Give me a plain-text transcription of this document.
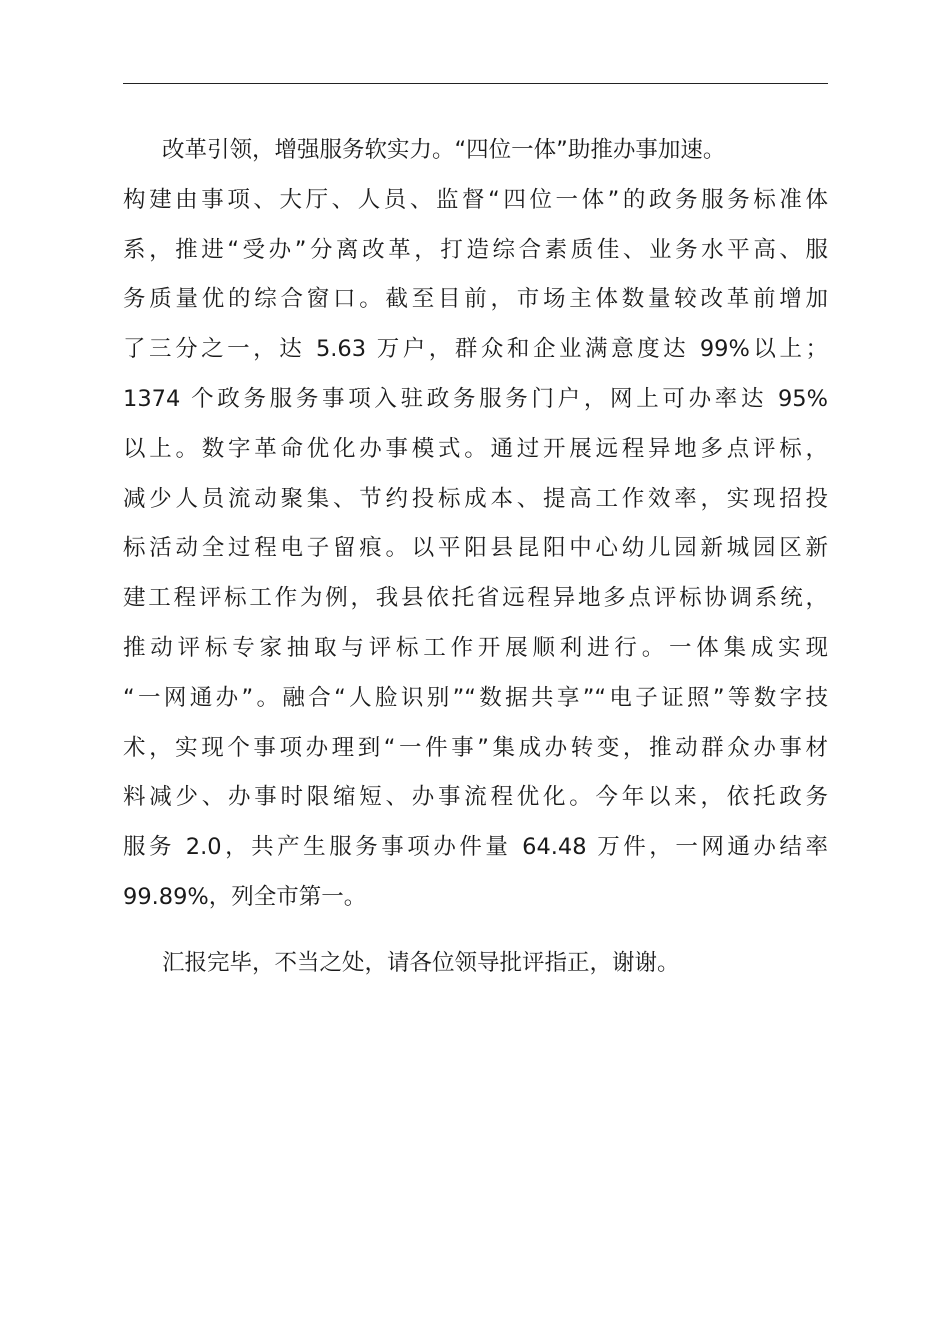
改革引领，增强服务软实力。“四位一体”助推办事加速。
构建由事项、大厅、人员、监督“四位一体”的政务服务标准体
系，推进“受办”分离改革，打造综合素质佳、业务水平高、服
务质量优的综合窗口。截至目前，市场主体数量较改革前增加
了三分之一，达 5.63 万户，群众和企业满意度达 99%以上；
1374 个政务服务事项入驻政务服务门户，网上可办率达 95%
以上。数字革命优化办事模式。通过开展远程异地多点评标，
减少人员流动聚集、节约投标成本、提高工作效率，实现招投
标活动全过程电子留痕。以平阳县昆阳中心幼儿园新城园区新
建工程评标工作为例，我县依托省远程异地多点评标协调系统，
推动评标专家抽取与评标工作开展顺利进行。一体集成实现
“一网通办”。融合“人脸识别”“数据共享”“电子证照”等数字技
术，实现个事项办理到“一件事”集成办转变，推动群众办事材
料减少、办事时限缩短、办事流程优化。今年以来，依托政务
服务 2.0，共产生服务事项办件量 64.48 万件，一网通办结率
99.89%，列全市第一。
汇报完毕，不当之处，请各位领导批评指正，谢谢。
